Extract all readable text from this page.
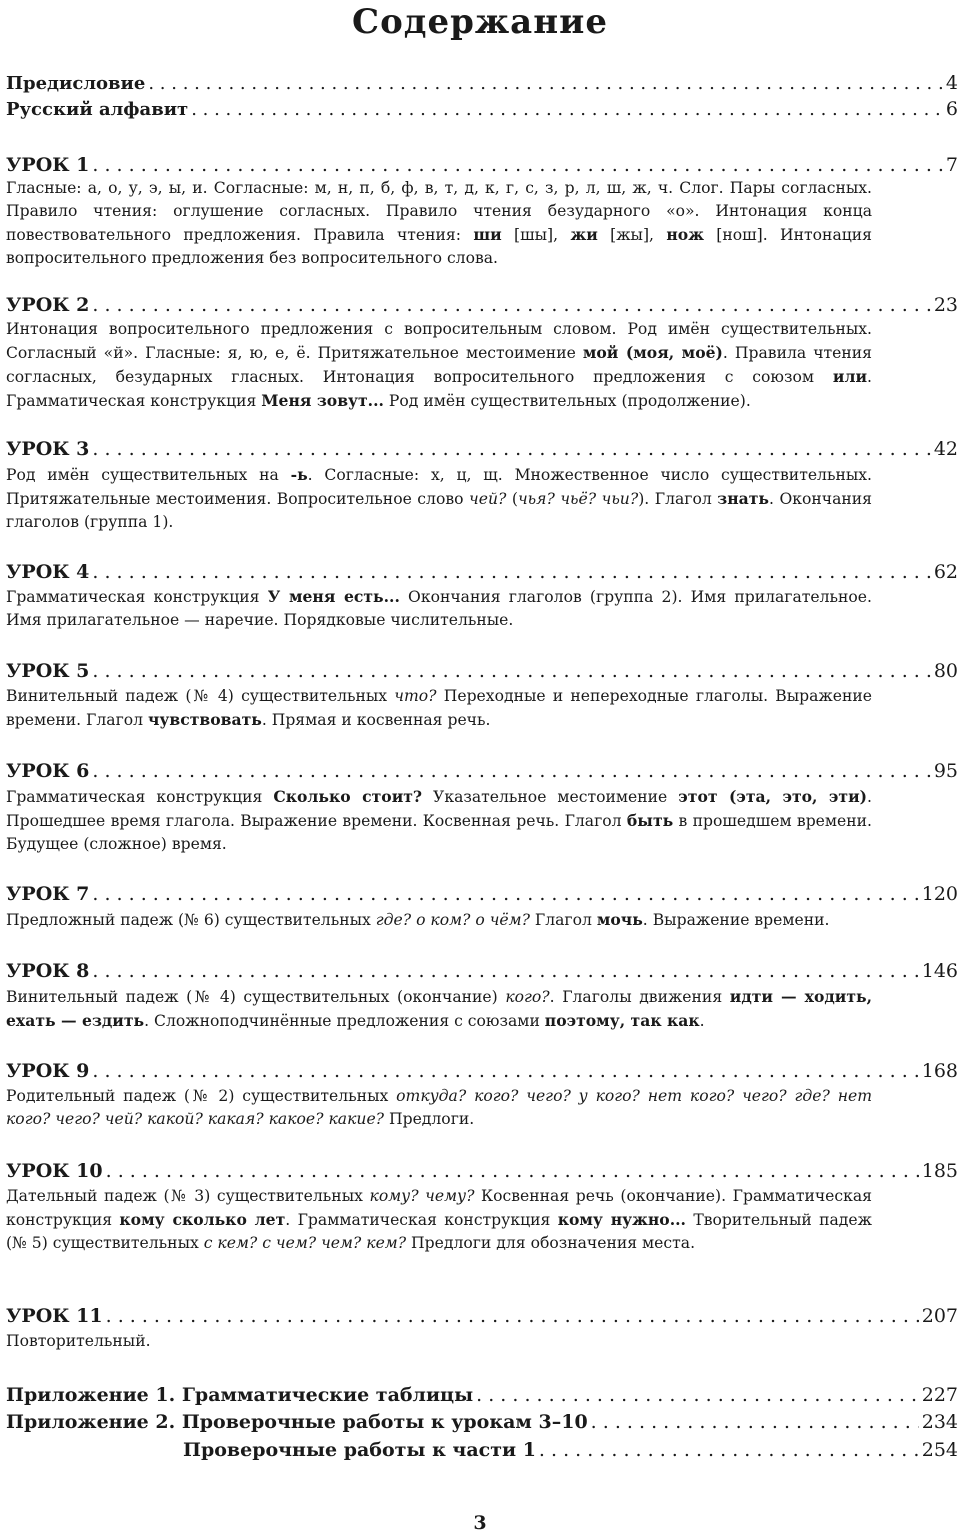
Содержание
Предисловие . . .	4
Русский алфавит . . .	6
УРОК 1 . . .	7
Гласные: а, о, у, э, ы, и. Согласные: м, н, п, б, ф, в, т, д, к, г, с, з, р, л, ш, ж, ч. Слог. Пары согласных. Правило чтения: оглушение согласных. Правило чтения безударного «о». Интонация конца повествовательного предложения. Правила чтения: ши [шы], жи [жы], нож [нош]. Интонация вопросительного предложения без вопросительного слова.
УРОК 2 . . .	23
Интонация вопросительного предложения с вопросительным словом. Род имён существительных. Согласный «й». Гласные: я, ю, е, ё. Притяжательное местоимение мой (моя, моё). Правила чтения согласных, безударных гласных. Интонация вопросительного предложения с союзом или. Грамматическая конструкция Меня зовут... Род имён существительных (продолжение).
УРОК 3 . . .	42
Род имён существительных на -ь. Согласные: х, ц, щ. Множественное число существительных. Притяжательные местоимения. Вопросительное слово чей? (чья? чьё? чьи?). Глагол знать. Окончания глаголов (группа 1).
УРОК 4 . . .	62
Грамматическая конструкция У меня есть... Окончания глаголов (группа 2). Имя прилагательное. Имя прилагательное — наречие. Порядковые числительные.
УРОК 5 . . .	80
Винительный падеж (№ 4) существительных что? Переходные и непереходные глаголы. Выражение времени. Глагол чувствовать. Прямая и косвенная речь.
УРОК 6 . . .	95
Грамматическая конструкция Сколько стоит? Указательное местоимение этот (эта, это, эти). Прошедшее время глагола. Выражение времени. Косвенная речь. Глагол быть в прошедшем времени. Будущее (сложное) время.
УРОК 7 . . .	120
Предложный падеж (№ 6) существительных где? о ком? о чём? Глагол мочь. Выражение времени.
УРОК 8 . . .	146
Винительный падеж (№ 4) существительных (окончание) кого?. Глаголы движения идти — ходить, ехать — ездить. Сложноподчинённые предложения с союзами поэтому, так как.
УРОК 9 . . .	168
Родительный падеж (№ 2) существительных откуда? кого? чего? у кого? нет кого? чего? где? нет кого? чего? чей? какой? какая? какое? какие? Предлоги.
УРОК 10 . . .	185
Дательный падеж (№ 3) существительных кому? чему? Косвенная речь (окончание). Грамматическая конструкция кому сколько лет. Грамматическая конструкция кому нужно... Творительный падеж (№ 5) существительных с кем? с чем? чем? кем? Предлоги для обозначения места.
УРОК 11 . . .	207
Повторительный.
Приложение 1. Грамматические таблицы . . .	227
Приложение 2. Проверочные работы к урокам 3–10 . . .	234
Проверочные работы к части 1 . . .	254
3
